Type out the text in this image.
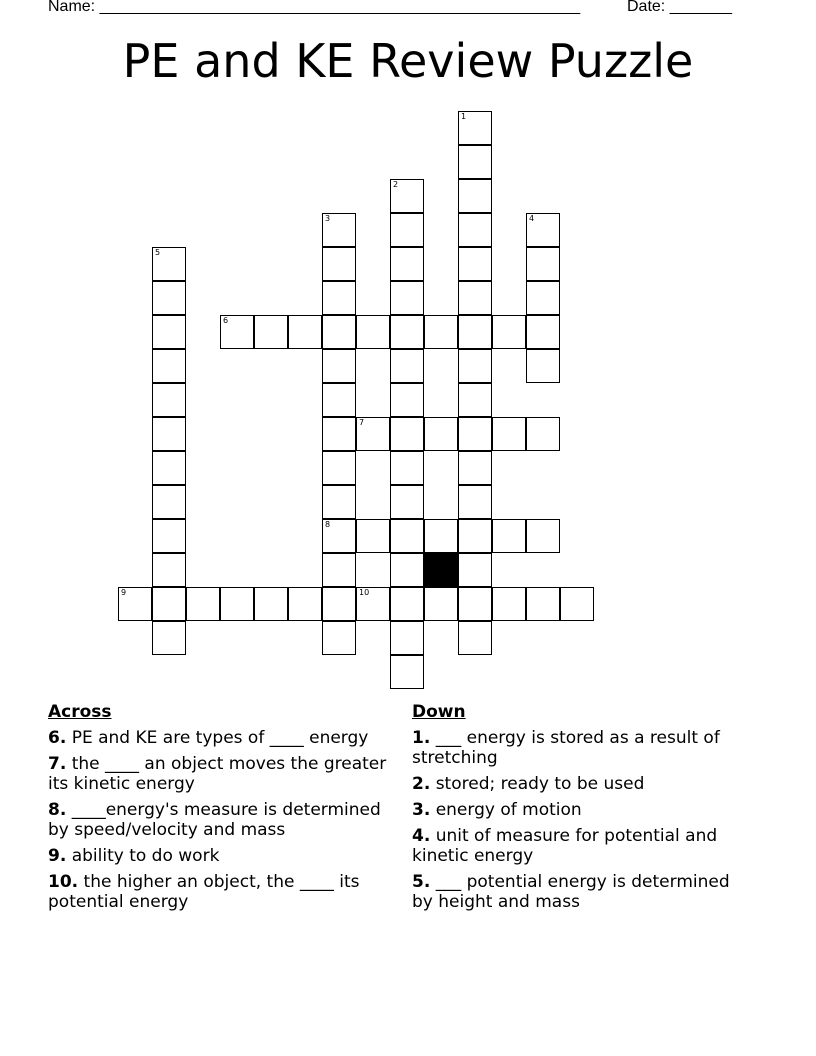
Name: ______________________________________________________	Date: _______
PE and KE Review Puzzle
1
2
3
8
4
5
6
7
9	10
Across
6. PE and KE are types of ____ energy
7. the ____ an object moves the greater its kinetic energy
8. ____energy's measure is determined by speed/velocity and mass
9. ability to do work
10. the higher an object, the ____ its potential energy
Down
1. ___ energy is stored as a result of stretching
2. stored; ready to be used
3. energy of motion
4. unit of measure for potential and kinetic energy
5. ___ potential energy is determined by height and mass
